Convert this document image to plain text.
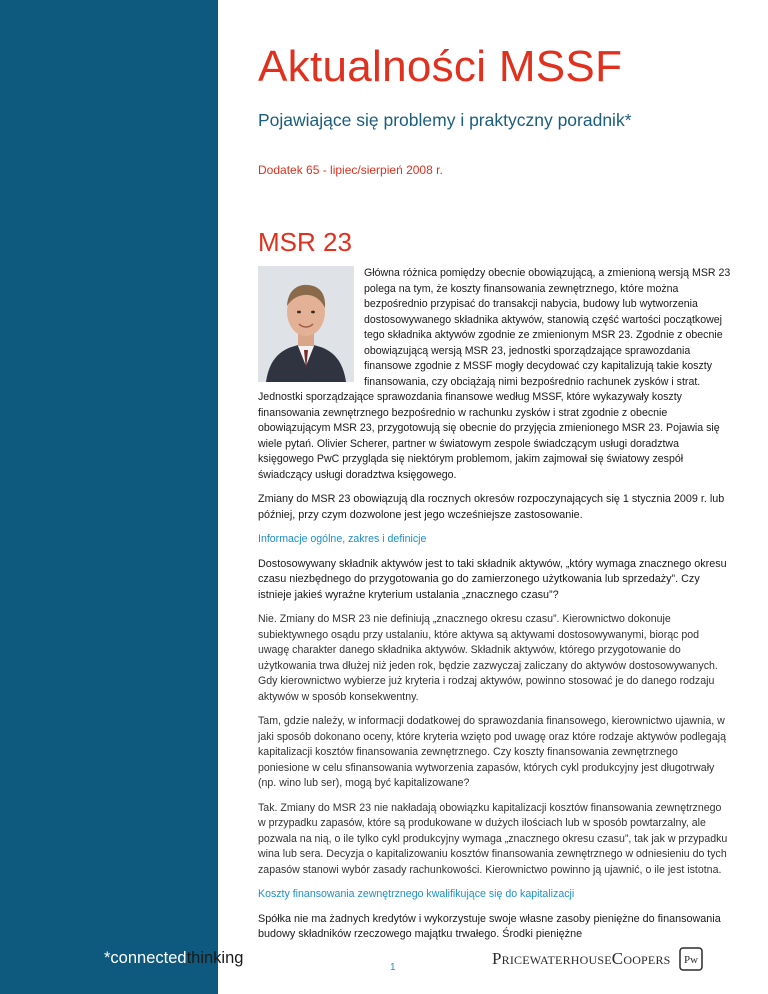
Aktualności MSSF
Pojawiające się problemy i praktyczny poradnik*
Dodatek 65 - lipiec/sierpień 2008 r.
MSR 23

Główna różnica pomiędzy obecnie obowiązującą, a zmienioną wersją MSR 23 polega na tym, że koszty finansowania zewnętrznego, które można bezpośrednio przypisać do transakcji nabycia, budowy lub wytworzenia dostosowywanego składnika aktywów, stanowią część wartości początkowej tego składnika aktywów zgodnie ze zmienionym MSR 23. Zgodnie z obecnie obowiązującą wersją MSR 23, jednostki sporządzające sprawozdania finansowe zgodnie z MSSF mogły decydować czy kapitalizują takie koszty finansowania, czy obciążają nimi bezpośrednio rachunek zysków i strat. Jednostki sporządzające sprawozdania finansowe według MSSF, które wykazywały koszty finansowania zewnętrznego bezpośrednio w rachunku zysków i strat zgodnie z obecnie obowiązującym MSR 23, przygotowują się obecnie do przyjęcia zmienionego MSR 23. Pojawia się wiele pytań. Olivier Scherer, partner w światowym zespole świadczącym usługi doradztwa księgowego PwC przygląda się niektórym problemom, jakim zajmował się światowy zespół świadczący usługi doradztwa księgowego.

Zmiany do MSR 23 obowiązują dla rocznych okresów rozpoczynających się 1 stycznia 2009 r. lub później, przy czym dozwolone jest jego wcześniejsze zastosowanie.

Informacje ogólne, zakres i definicje

Dostosowywany składnik aktywów jest to taki składnik aktywów, „który wymaga znacznego okresu czasu niezbędnego do przygotowania go do zamierzonego użytkowania lub sprzedaży”. Czy istnieje jakieś wyraźne kryterium ustalania „znacznego czasu”?

Nie. Zmiany do MSR 23 nie definiują „znacznego okresu czasu”. Kierownictwo dokonuje subiektywnego osądu przy ustalaniu, które aktywa są aktywami dostosowywanymi, biorąc pod uwagę charakter danego składnika aktywów. Składnik aktywów, którego przygotowanie do użytkowania trwa dłużej niż jeden rok, będzie zazwyczaj zaliczany do aktywów dostosowywanych. Gdy kierownictwo wybierze już kryteria i rodzaj aktywów, powinno stosować je do danego rodzaju aktywów w sposób konsekwentny.

Tam, gdzie należy, w informacji dodatkowej do sprawozdania finansowego, kierownictwo ujawnia, w jaki sposób dokonano oceny, które kryteria wzięto pod uwagę oraz które rodzaje aktywów podlegają kapitalizacji kosztów finansowania zewnętrznego. Czy koszty finansowania zewnętrznego poniesione w celu sfinansowania wytworzenia zapasów, których cykl produkcyjny jest długotrwały (np. wino lub ser), mogą być kapitalizowane?

Tak. Zmiany do MSR 23 nie nakładają obowiązku kapitalizacji kosztów finansowania zewnętrznego w przypadku zapasów, które są produkowane w dużych ilościach lub w sposób powtarzalny, ale pozwala na nią, o ile tylko cykl produkcyjny wymaga „znacznego okresu czasu”, tak jak w przypadku wina lub sera. Decyzja o kapitalizowaniu kosztów finansowania zewnętrznego w odniesieniu do tych zapasów stanowi wybór zasady rachunkowości. Kierownictwo powinno ją ujawnić, o ile jest istotna.

Koszty finansowania zewnętrznego kwalifikujące się do kapitalizacji

Spółka nie ma żadnych kredytów i wykorzystuje swoje własne zasoby pieniężne do finansowania budowy składników rzeczowego majątku trwałego. Środki pieniężne

*connectedthinking
1	PricewaterhouseCoopers Pw
